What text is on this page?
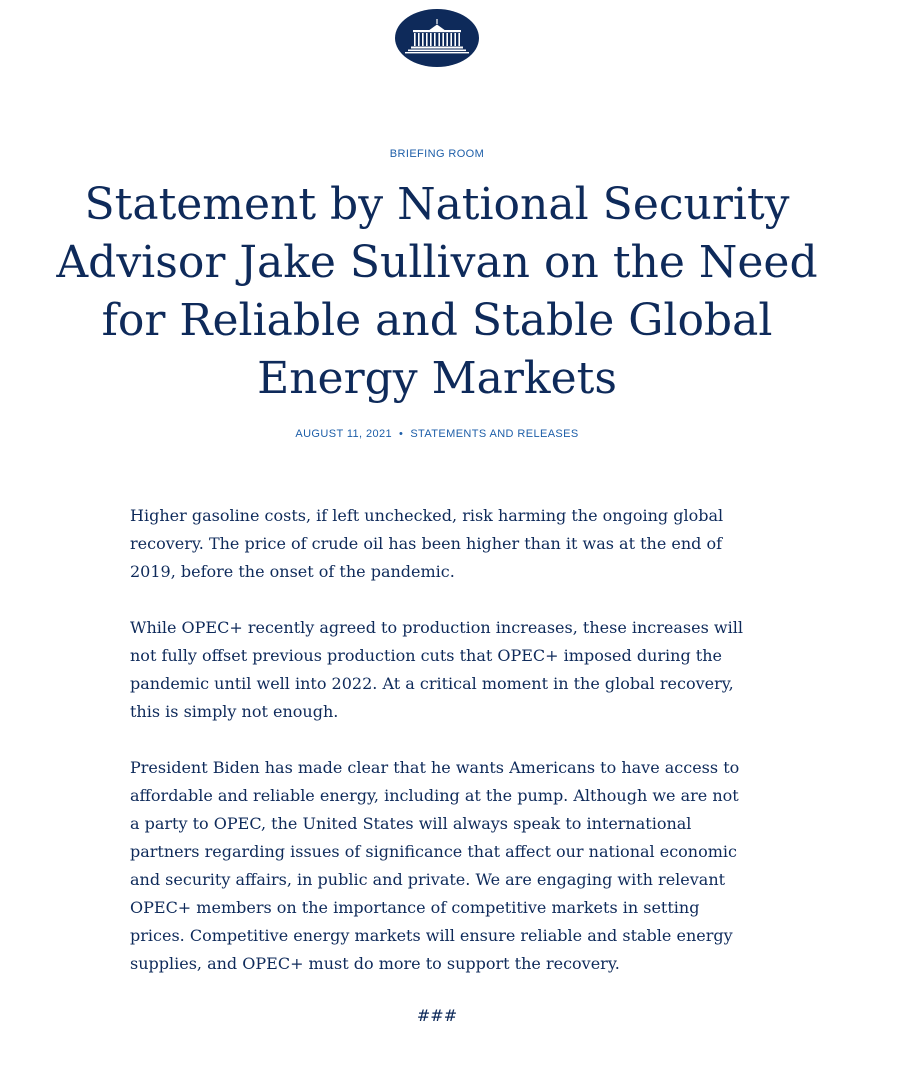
BRIEFING ROOM
Statement by National Security Advisor Jake Sullivan on the Need for Reliable and Stable Global Energy Markets
AUGUST 11, 2021 • STATEMENTS AND RELEASES

Higher gasoline costs, if left unchecked, risk harming the ongoing global recovery. The price of crude oil has been higher than it was at the end of 2019, before the onset of the pandemic.

While OPEC+ recently agreed to production increases, these increases will not fully offset previous production cuts that OPEC+ imposed during the pandemic until well into 2022. At a critical moment in the global recovery, this is simply not enough.

President Biden has made clear that he wants Americans to have access to affordable and reliable energy, including at the pump. Although we are not a party to OPEC, the United States will always speak to international partners regarding issues of significance that affect our national economic and security affairs, in public and private. We are engaging with relevant OPEC+ members on the importance of competitive markets in setting prices. Competitive energy markets will ensure reliable and stable energy supplies, and OPEC+ must do more to support the recovery.

###
